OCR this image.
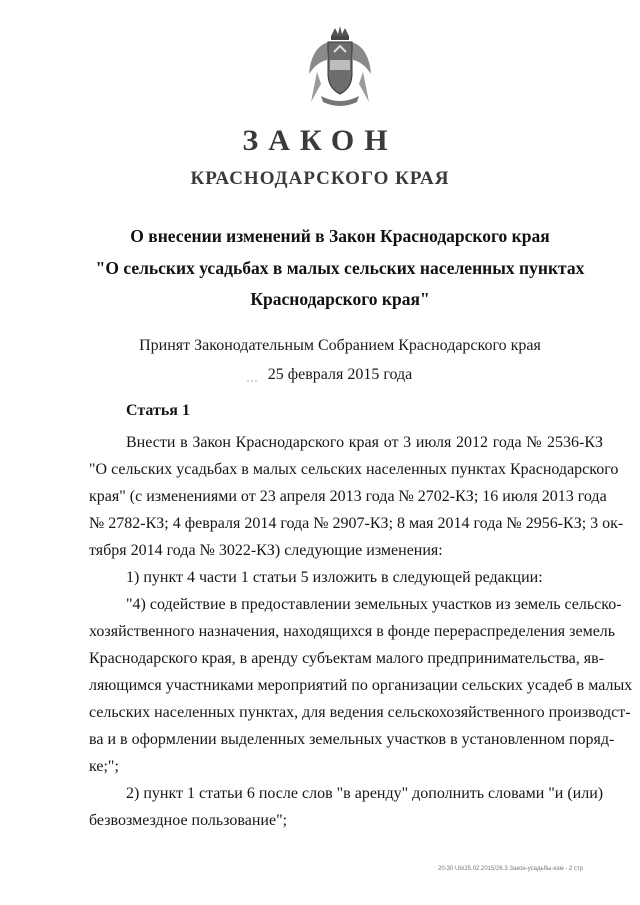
ЗАКОН
КРАСНОДАРСКОГО КРАЯ
О внесении изменений в Закон Краснодарского края
"О сельских усадьбах в малых сельских населенных пунктах
Краснодарского края"
Принят Законодательным Собранием Краснодарского края
25 февраля 2015 года
Статья 1
Внести в Закон Краснодарского края от 3 июля 2012 года № 2536-КЗ
"О сельских усадьбах в малых сельских населенных пунктах Краснодарского
края" (с изменениями от 23 апреля 2013 года № 2702-КЗ; 16 июля 2013 года
№ 2782-КЗ; 4 февраля 2014 года № 2907-КЗ; 8 мая 2014 года № 2956-КЗ; 3 ок-
тября 2014 года № 3022-КЗ) следующие изменения:
1) пункт 4 части 1 статьи 5 изложить в следующей редакции:
"4) содействие в предоставлении земельных участков из земель сельско-
хозяйственного назначения, находящихся в фонде перераспределения земель
Краснодарского края, в аренду субъектам малого предпринимательства, яв-
ляющимся участниками мероприятий по организации сельских усадеб в малых
сельских населенных пунктах, для ведения сельскохозяйственного производст-
ва и в оформлении выделенных земельных участков в установленном поряд-
ке;";
2) пункт 1 статьи 6 после слов "в аренду" дополнить словами "и (или)
безвозмездное пользование";
20-30 Ub/25.02.2015/26.3 Закон-усадьбы-изм - 2 стр
